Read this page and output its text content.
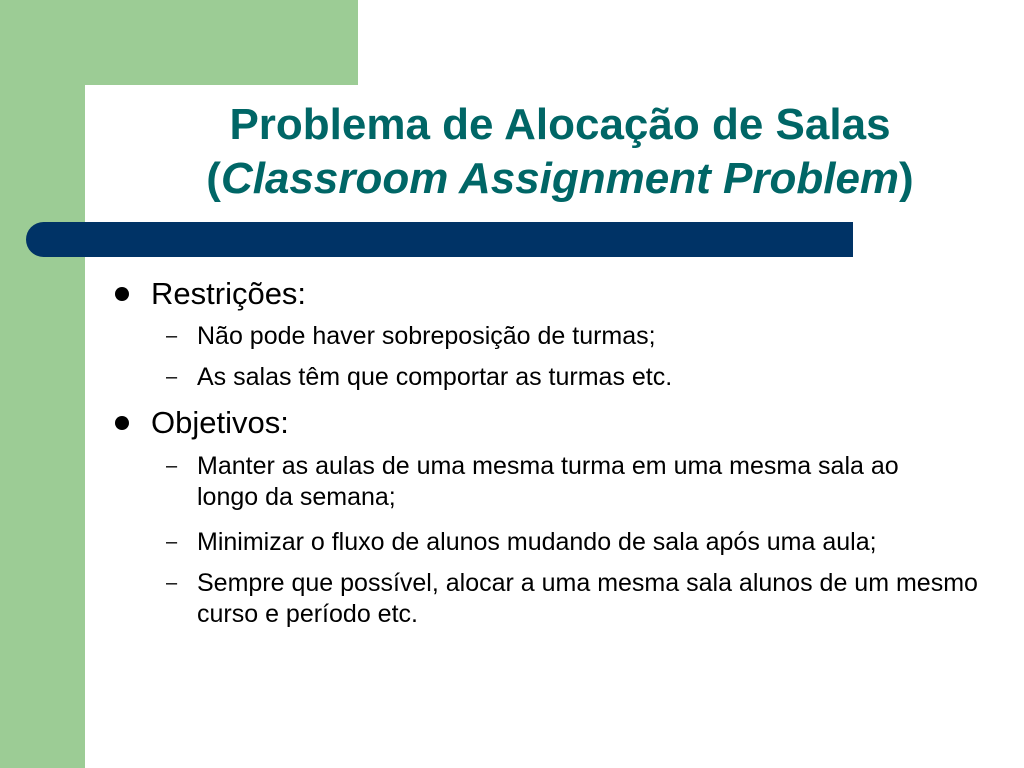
Problema de Alocação de Salas
(Classroom Assignment Problem)
Restrições:
– Não pode haver sobreposição de turmas;
– As salas têm que comportar as turmas etc.
Objetivos:
– Manter as aulas de uma mesma turma em uma mesma sala ao longo da semana;
– Minimizar o fluxo de alunos mudando de sala após uma aula;
– Sempre que possível, alocar a uma mesma sala alunos de um mesmo curso e período etc.
